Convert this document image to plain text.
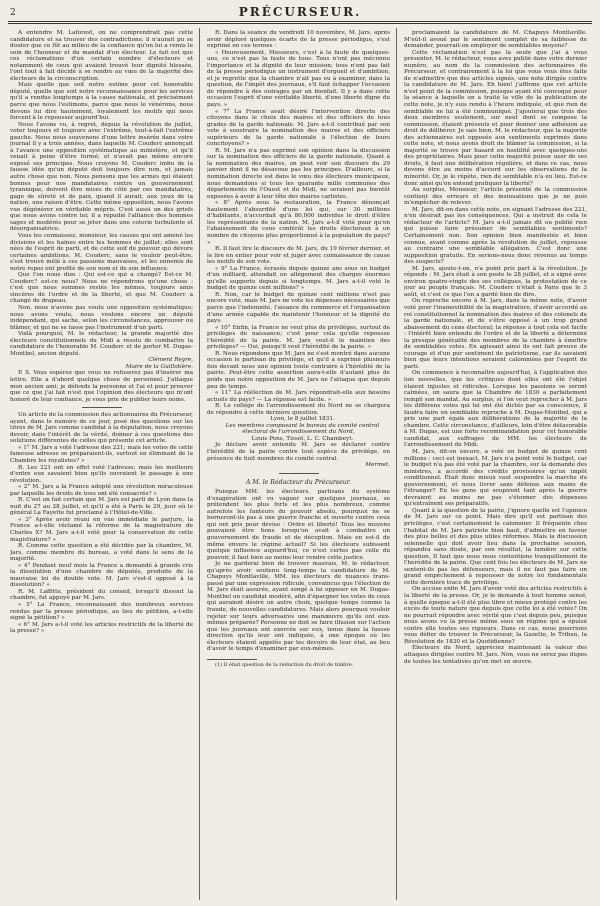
2	PRÉCURSEUR.

A entendre M. Laforest, on ne comprendrait pas cette candidature et sa trouver des contradictions; il n'aurait pu se douter que ce fût au milieu de la confiance qu'on lui a remis le soin de l'honneur et du mandat d'un électeur. Le fait est que ces réclamations d'un certain nombre d'électeurs et notamment de ceux qui avaient trouvé leur dignité blessée, l'ont tout à fait décidé à se rendre au vœu de la majorité des électeurs de la circonscription.

Mais quelle que soit notre estime pour cet honorable député, quelle que soit notre reconnaissance pour les services qu'il a rendus longtemps à la cause nationale, et précisément parce que nous l'estimons, parce que nous le vénérons, nous devons lui dire hautement, loyalement les motifs qui nous forcent à le repousser aujourd'hui.

Nous l'avons vu, à regret, depuis la révolution de juillet, voter toujours et toujours avec l'extrême, tout-à-fait l'extrême gauche. Nous nous souvenons d'une lettre insérée dans votre journal il y a trois années, dans laquelle M. Couderc annonçait à l'avance une opposition systématique au ministère, et qu'il venait à peine d'être formé; et n'avait pas même encore exposé ses principes. Nous croyons M. Couderc imbu de la fausse idée qu'un député doit toujours dire non, et jamais autre chose que non. Nous pensons que les armes qui étaient bonnes pour nos mandataires contre un gouvernement tyrannique, doivent être mises de côté par ces mandataires, gage de sûreté et de paix, quand il aurait, aux yeux de la nation, une raison d'être. Cette même opposition, nous l'avons vue dégénérer en véritable mépris. C'est aussi un des griefs que nous avons contre lui; il a répudié l'alliance des hommes sages et modérés pour se jeter dans une coterie turbulente et désorganisatrice.

Vous les connaissez, monsieur, les causes qui ont amené les divisions et les haines entre les hommes de juillet; elles sont nées de l'esprit de parti, et de cette soif de pouvoir qui dévore certaines ambitions. M. Couderc, sans le vouloir peut-être, s'est trouvé mêlé à ces passions mauvaises, et les ennemis de notre repos ont profité de son nom et de son influence.

Que l'on nous dise : Qui est-ce qui a changé? Est-ce M. Couderc? est-ce nous? Nous ne répondrons qu'une chose : c'est que nous sommes restés les mêmes, toujours amis sincères de l'ordre et de la liberté, et que M. Couderc a changé de drapeau.

Non, nous n'avons pas voulu une opposition systématique; nous avons voulu, nous voulons encore un député indépendant, qui sache, selon les circonstances, approuver ou blâmer, et qui ne se fasse pas l'instrument d'un parti.

Voilà pourquoi, M. le rédacteur, la grande majorité des électeurs constitutionnels du Midi a résolu de combattre la candidature de l'honorable M. Couderc et de porter M. Dugas-Montbel, ancien député.

Clément Reyre,

Maire de la Guillotière.

P. S. Vous espérez que vous ne refuserez pas d'insérer ma lettre. Elle a d'abord quelque chose de personnel. J'attaque mon ancien ami; je défends la personne et l'ai et pour prouver que ce que j'ai fait n'est que l'opinion des électeurs qui m'ont honoré de leur confiance, je vous prie de publier leurs noms.

Un article de la commission des actionnaires du Précurseur, ayant, dans le numéro de ce jour, posé des questions sur les titres de M. Jars comme candidat à la députation, nous croyons devoir, dans l'intérêt de la vérité, donner à ces questions des solutions différentes de celles qui présente cet article.

« 1° M. Jars a voté l'adresse des 221; mais les votes de cette fameuse adresse se préparaient-ils, surtout en éliminant de la Chambre les royalistes? »

R. Les 221 ont en effet voté l'adresse; mais les meilleurs d'entre eux savaient bien qu'ils ouvraient le passage à une révolution.

« 2° M. Jars a la France adopté une révolution miraculeuse par laquelle les droits de tous ont été consacrés? »

R. C'est un fait certain que M. Jars est parti de Lyon dans la nuit du 27 au 28 juillet, et qu'il a été à Paris le 29, jour où le général La Fayette fut proclamé à l'Hôtel-de-Ville.

« 3° Après avoir réuni en vue immédiate le parjure, la France a-t-elle réclamé la réforme de la magistrature de Charles X? M. Jars a-t-il voté pour la conservation de cette magistrature? »

R. Comme cette question a été décidée par la chambre, M. Jars, comme membre du bureau, a voté dans le sens de la majorité.

« 4° Pendant neuf mois la France a demandé à grands cris la dissolution d'une chambre de députés, produite de la mauvaise loi du double vote. M. Jars s'est-il opposé à la dissolution? »

R. M. Laffitte, président du conseil, lorsqu'il dissout la chambre, fut appuyé par M. Jars.

« 5° La France, reconnaissant des nombreux services rendus par la presse périodique, au lieu de pétition, a-t-elle signé la pétition? »

« 6° M. Jars a-t-il voté les articles restrictifs de la liberté de la presse? »

R. Dans la séance du vendredi 10 novembre, M. Jars, après avoir déploré quelques écarts de la presse périodique, s'est exprimé en ces termes :

« Heureusement, Messieurs, c'est à la faute de quelques-uns, ce n'est pas la faute de tous. Tous n'ont pas méconnu l'importance et la dignité de leur mission; tous n'ont pas fait de la presse périodique un instrument d'orgueil et d'ambition, et je regrette que la chambre n'ait pas eu à examiner, dans la question, de l'impôt des journaux, s'il faut échapper l'occasion de répondre à des outrages par un bienfait. Il y a dans cette occasion l'esprit d'une véritable liberté, d'une liberté digne du pays. »

« 7° La France avait désiré l'intervention directe des citoyens dans le choix des maires et des officiers de tous grades de la garde nationale. M. Jars a-t-il contribué par son vote à soustraire la nomination des maires et des officiers supérieurs de la garde nationale à l'élection de leurs concitoyens? »

R. M. Jars n'a pas exprimé son opinion dans la discussion sur la nomination des officiers de la garde nationale. Quant à la nomination des maires, on peut voir son discours du 29 janvier dont il ne désavoue pas les principes. D'ailleurs, si la nomination directe est dans le vœu des électeurs municipaux, nous demandons si tous les quarante mille communes des départements de l'Ouest et du Midi, ne seraient pas bientôt exposées à avoir à leur tête des maires carlistes.

« 8° Après sous la restauration, la France dénonçait hautement l'absurdité d'une loi qui, sur 30 millions d'habitants, n'accordait qu'à 80,000 individus le droit d'élire les représentants de la nation. M. Jars a-t-il voté pour qu'on l'abaissement du cens conférât les droits électoraux à un nombre de citoyens plus proportionné à la population du pays? »

R. Il faut lire le discours de M. Jars, du 19 février dernier, et le lire en entier pour voir et juger avec connaissance de cause les motifs de son vote.

« 9° La France, écrasée depuis quinze ans sous un budget d'un milliard, attendait un allégement des charges énormes qu'elle supporte depuis si longtemps. M. Jars a-t-il voté le budget de quinze cent millions? »

R. Non, car le budget de quinze cent millions n'est pas encore voté, mais M. Jars ne vote les dépenses nécessaires que parce que l'indemnité, l'aisance du commerce et l'organisation d'une armée capable de maintenir l'honneur et la dignité du pays.

« 10° Enfin, la France ne veut plus de priviléges, surtout de priviléges de naissance; c'est pour cela qu'elle repousse l'hérédité de la pairie. M. Jars veut-il le maintien des priviléges? — Oui, puisqu'il veut l'hérédité de la pairie. »

R. Nous répondons que M. Jars ne s'est montré dans aucune occasion le partisan du privilége, et qu'il a exprimé plusieurs fois devant nous une opinion toute contraire à l'hérédité de la pairie. Peut-être cette assertion aura-t-elle d'autant plus de poids que notre opposition de M. Jars ne l'attaque que depuis peu de temps.

« 11° La réélection de M. Jars répondrait-elle aux besoins actuels du pays? — La réponse est facile. »

R. Le collége de l'arrondissement du Nord ne se chargera de répondre à cette dernière question.

Lyon, le 8 juillet 1831.

Les membres composant le bureau du comité central électoral de l'arrondissement du Nord,

Louis Pons, Tissot, L. C. Chambeyt.

Je déclare avoir entendu M. Jars se déclarer contre l'hérédité de la pairie contre tout espèce de privilége, en présence de huit membres du comité central.

Mermet.

A M. le Rédacteur du Précurseur.

Puisque MM. les électeurs, partisans du système d'exagération ont vu vaguer sur quelques journaux, se prétendent les plus forts et les plus nombreux, comme autrefois les fanteurs du pouvoir absolu, pourquoi ne se borneront-ils pas à une guerre franche et ouverte contre ceux qui ont pris pour devise : Ordre et liberté! Tous les moyens pouvaient être bons lorsqu'on avait à combattre un gouvernement de fraude et de déception. Mais en est-il de même envers le régime actuel? Si les électeurs subissent quelque influence aujourd'hui, ce n'est certes pas celle du pouvoir, il faut bien au moins leur rendre cette justice.

Je ne garderai bien de trouver mauvais, M. le rédacteur, qu'après avoir soutenu long-temps la candidature de M. Chapuys Montlaville, MM. les électeurs de nuances trans-passé par une expression ridicule, convaincus que l'élection de M. Jars était assurée, ayant songé à lui opposer un M. Dugas-Montbel un candidat modéré, afin d'épargner les votes de ceux qui auraient désiré un autre choix, quelque temps comme la fraude, de nouvelles candidatures. Mais alors pourquoi vouloir rejeter sur leurs adversaires une manœuvre qu'ils ont eux-mêmes préparée? Personne ne doit se faire illusion sur l'action que les journaux ont exercée sur eux, tenus dans la fausse direction qu'ils leur ont indiquée, à une époque où les électeurs étaient appelés par les devoirs de leur état, au lieu d'avoir le temps d'examiner par eux-mêmes.

(1) Il était question de la réduction du droit de timbre.

proclamaient la candidature de M. Chapuys Montlaville. M'eût-il avoué par le sentiment complet de sa faiblesse de demander, pourrait-on employer de semblables moyens?

Cette réclamation n'est pas la seule que j'ai à vous présenter, M. le rédacteur, vous avez publié dans votre dernier numéro, au nom de la commission des actionnaires du Précurseur, et contrairement à la loi que vous vous êtes faite de n'admettre que des articles signés, une note dirigée contre la candidature de M. Jars. Eh bien! j'affirme que cet article n'est point de la commission, puisque ayant été convoqué pour la séance à laquelle on a traité la ville de la publication de cette note, je n'y suis rendu à l'heure indiquée, et que rien de semblable ne lui a été communiqué. J'ajouterai que trois des deux membres seulement, sur neuf dont se compose la commission, étaient présents et pour donner une adhésion au droit de délibérer. Je sais bien, M. le rédacteur, que la majorité des actionnaires est opposée aux sentiments exprimés dans cette note, et nous avons droit de blâmer la commission, si la majorité se trouve par hasard en hostilité avec quelques-uns des propriétaires. Mais pour cette majorité puisse user de ses droits, il faut une délibération régulière, et dans ce cas, nous devons être au moins d'accord sur les observations de la minorité. Or, je le répète, rien de semblable n'a eu lieu. Est-ce donc ainsi qu'on entend pratiquer la liberté?

Au surplus, Monsieur, l'article présenté de la commission contient des erreurs et des insinuations que je ne puis m'empêcher de relever.

M. Jars, dit-on dans cette note, en signant l'adresse des 221, n'en désirait pas les conséquences. Qui a instruit de cela le rédacteur de l'article? M. Jars a-t-il jamais dit ou publié rien qui puisse faire présumer de semblables sentiments? Certainement non. Son opinion bien manifestée et bien connue, avant comme après la révolution de juillet, repousse au contraire une semblable allégation. C'est donc une supposition gratuite. En serions-nous donc revenus au temps des suspects?

M. Jars, ajoute-t-on, n'a point pris part à la révolution. Je réponds : M. Jars était à son poste le 28 juillet, et a signé avec environ quatre-vingts des ses collègues, la protestation de ce jour au peuple français. M. Couderc n'était à Paris que le 3 août, et c'est ce que l'on a gardé bien de dire.

On reproche encore à M. Jars, dans la même note, d'avoir voté pour l'inamovibilité de la magistrature, d'avoir accordé au roi constitutionnel la nomination des maires et des colonels de la garde nationale, et de s'être opposé à un trop grand abaissement du cens électoral; la réponse à tout cela est facile : l'intérêt bien entendu de l'ordre et de la liberté a déterminé la presque généralité des membres de la chambre à émettre de semblables votes. En agissant ainsi ils ont fait preuve de courage et d'un pur sentiment de patriotisme, car ils savaient bien que leurs intentions seraient calomniées par l'esprit de parti.

On commence à reconnaître aujourd'hui, à l'application des lois nouvelles, que les critiques dont elles ont été l'objet étaient injustes et ridicules. Lorsque les passions se seront calmées, on saura que la Chambre de 1830 a parfaitement rempli son mandat. Au surplus, si l'on veut reprocher à M. Jars les différens votes qui lui ont été dictés par sa conscience, il faudra faire un semblable reproche à M. Dugas-Montbel, qui a pris une part égale aux délibérations de la majorité de la chambre. Cette circonstance, d'ailleurs, loin d'être défavorable à M. Dugas, est une forte recommandation pour cet honorable candidat, aux suffrages de MM. les électeurs de l'arrondissement du Midi.

M. Jars, dit-on encore, a voté un budget de quinze cent millions : ceci est inexact. M. Jars n'a point voté le budget, car le budget n'a pas été voté par la chambre, sur la demande des ministres, a accordé des crédits provisoires qu'un impôt conditionnel. Était donc mieux vaut suspendre la marche du gouvernement, et nous livrer sans défense aux mains de l'étranger? En les gens qui soupirent tant après la guerre devraient au moins ne pas s'étonner des dépenses qu'entraînent ses préparatifs.

Quant à la question de la pairie, j'ignore quelle est l'opinion de M. Jars sur ce point. Mais dire qu'il est partisan des priviléges, c'est certainement le calomnier. Il fréquente chez l'habitat de M. Jars patriote bien haut, d'admettre en faveur des plus belles et des plus utiles réformes. Mais la discussion solennelle qui doit avoir lieu dans la prochaine session, répandra sans doute, par son résultat, la lumière sur cette question. Il faut que nous nous contentions tranquillement de l'hérédité de la pairie. Que cent fois les électeurs de M. Jars ne sentent-ils pas les défenseurs, mais il ne faut pas faire un grand empêchement à repousser de notre loi fondamentale cette dernière trace de privilége.

On accuse enfin M. Jars d'avoir voté des articles restrictifs à la liberté de la presse. Or, je le demande à tout homme sensé, à quelle époque a-t-il été plus libre et mieux protégé contre les excès de toute nature que depuis que cette loi a été votée? On ne pourrait répondre avec vérité que c'est depuis peu, puisque nous avons vu la presse même sous un régime qui a épuisé contre elle toutes ses rigueurs. Dans ce cas, nous pourrions vous défier de trouver le Précurseur, la Gazette, le Tribun, la Révolution de 1830 et la Quotidienne?

Électeurs du Nord, appréciez maintenant la valeur des attaques dirigées contre M. Jars. Non, vous ne serez pas dupes de toutes les tentatives qu'on met en œuvre.
